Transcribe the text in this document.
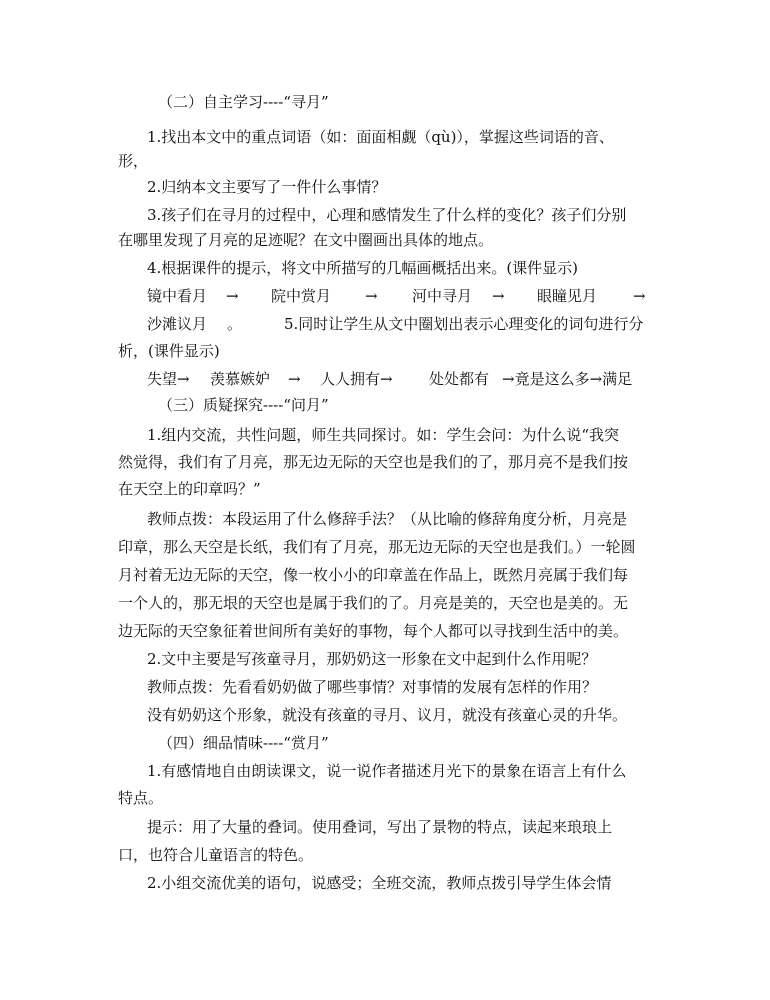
（二）自主学习----“寻月”
1.找出本文中的重点词语（如：面面相觑（qù)），掌握这些词语的音、
形，
2.归纳本文主要写了一件什么事情？
3.孩子们在寻月的过程中，心理和感情发生了什么样的变化？孩子们分别
在哪里发现了月亮的足迹呢？在文中圈画出具体的地点。
4.根据课件的提示，将文中所描写的几幅画概括出来。(课件显示)
镜中看月 → 院中赏月 → 河中寻月 → 眼瞳见月 →
沙滩议月 。	5.同时让学生从文中圈划出表示心理变化的词句进行分
析，(课件显示)
失望→ 羡慕嫉妒 → 人人拥有→ 处处都有 →竟是这么多→满足
（三）质疑探究----“问月”
1.组内交流，共性问题，师生共同探讨。如：学生会问：为什么说“我突
然觉得，我们有了月亮，那无边无际的天空也是我们的了，那月亮不是我们按
在天空上的印章吗？”
教师点拨：本段运用了什么修辞手法？（从比喻的修辞角度分析，月亮是
印章，那么天空是长纸，我们有了月亮，那无边无际的天空也是我们。）一轮圆
月衬着无边无际的天空，像一枚小小的印章盖在作品上，既然月亮属于我们每
一个人的，那无垠的天空也是属于我们的了。月亮是美的，天空也是美的。无
边无际的天空象征着世间所有美好的事物，每个人都可以寻找到生活中的美。
2.文中主要是写孩童寻月，那奶奶这一形象在文中起到什么作用呢？
教师点拨：先看看奶奶做了哪些事情？对事情的发展有怎样的作用？
没有奶奶这个形象，就没有孩童的寻月、议月，就没有孩童心灵的升华。
（四）细品情味----“赏月”
1.有感情地自由朗读课文，说一说作者描述月光下的景象在语言上有什么
特点。
提示：用了大量的叠词。使用叠词，写出了景物的特点，读起来琅琅上
口，也符合儿童语言的特色。
2.小组交流优美的语句，说感受；全班交流，教师点拨引导学生体会情
